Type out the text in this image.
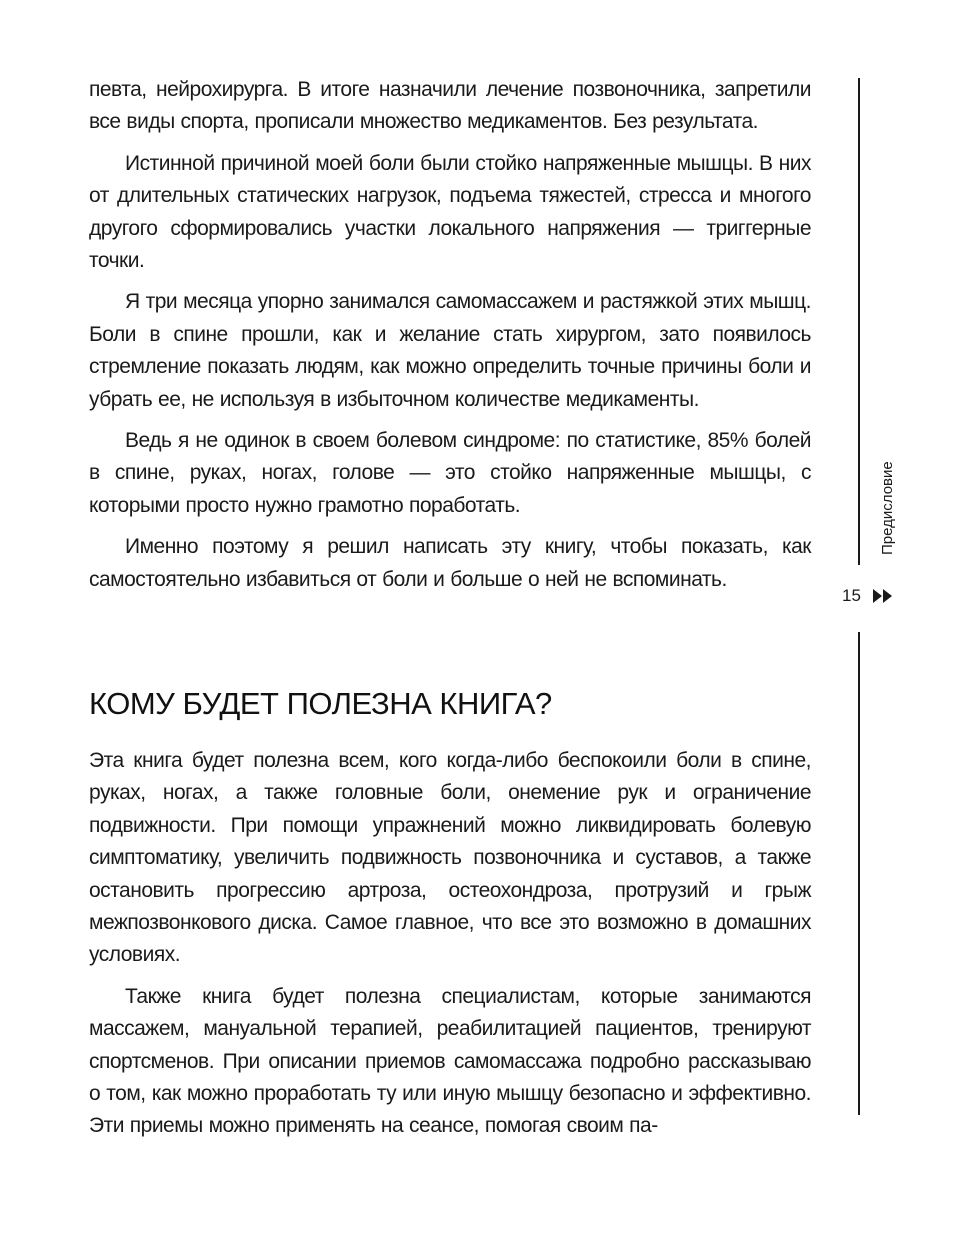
певта, нейрохирурга. В итоге назначили лечение позвоночника, запретили все виды спорта, прописали множество медикаментов. Без результата.

Истинной причиной моей боли были стойко напряженные мышцы. В них от длительных статических нагрузок, подъема тяжестей, стресса и многого другого сформировались участки локального напряжения — триггерные точки.

Я три месяца упорно занимался самомассажем и растяжкой этих мышц. Боли в спине прошли, как и желание стать хирургом, зато появилось стремление показать людям, как можно определить точные причины боли и убрать ее, не используя в избыточном количестве медикаменты.

Ведь я не одинок в своем болевом синдроме: по статистике, 85% болей в спине, руках, ногах, голове — это стойко напряженные мышцы, с которыми просто нужно грамотно поработать.

Именно поэтому я решил написать эту книгу, чтобы показать, как самостоятельно избавиться от боли и больше о ней не вспоминать.

КОМУ БУДЕТ ПОЛЕЗНА КНИГА?

Эта книга будет полезна всем, кого когда-либо беспокоили боли в спине, руках, ногах, а также головные боли, онемение рук и ограничение подвижности. При помощи упражнений можно ликвидировать болевую симптоматику, увеличить подвижность позвоночника и суставов, а также остановить прогрессию артроза, остеохондроза, протрузий и грыж межпозвонкового диска. Самое главное, что все это возможно в домашних условиях.

Также книга будет полезна специалистам, которые занимаются массажем, мануальной терапией, реабилитацией пациентов, тренируют спортсменов. При описании приемов самомассажа подробно рассказываю о том, как можно проработать ту или иную мышцу безопасно и эффективно. Эти приемы можно применять на сеансе, помогая своим па-

Предисловие
15
